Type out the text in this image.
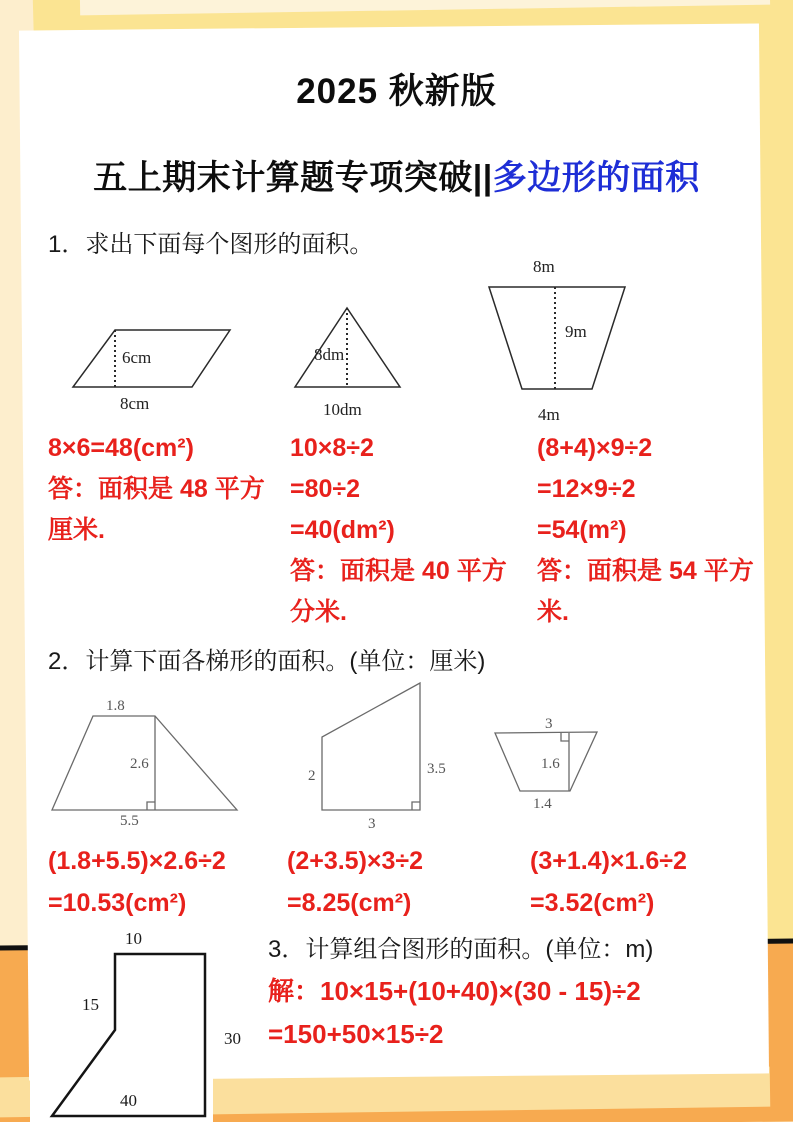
2025 秋新版
五上期末计算题专项突破||多边形的面积
1．求出下面每个图形的面积。
6cm
8cm
8dm
10dm
8m
9m
4m
8×6=48(cm²)
答：面积是 48 平方
厘米.
10×8÷2
=80÷2
=40(dm²)
答：面积是 40 平方
分米.
(8+4)×9÷2
=12×9÷2
=54(m²)
答：面积是 54 平方
米.
2．计算下面各梯形的面积。(单位：厘米)
1.8
2.6
5.5
2	3.5
3
3
1.6
1.4
(1.8+5.5)×2.6÷2
=10.53(cm²)
(2+3.5)×3÷2
=8.25(cm²)
(3+1.4)×1.6÷2
=3.52(cm²)
3．计算组合图形的面积。(单位：m)
解：10×15+(10+40)×(30 - 15)÷2
=150+50×15÷2
10
15
30
40
